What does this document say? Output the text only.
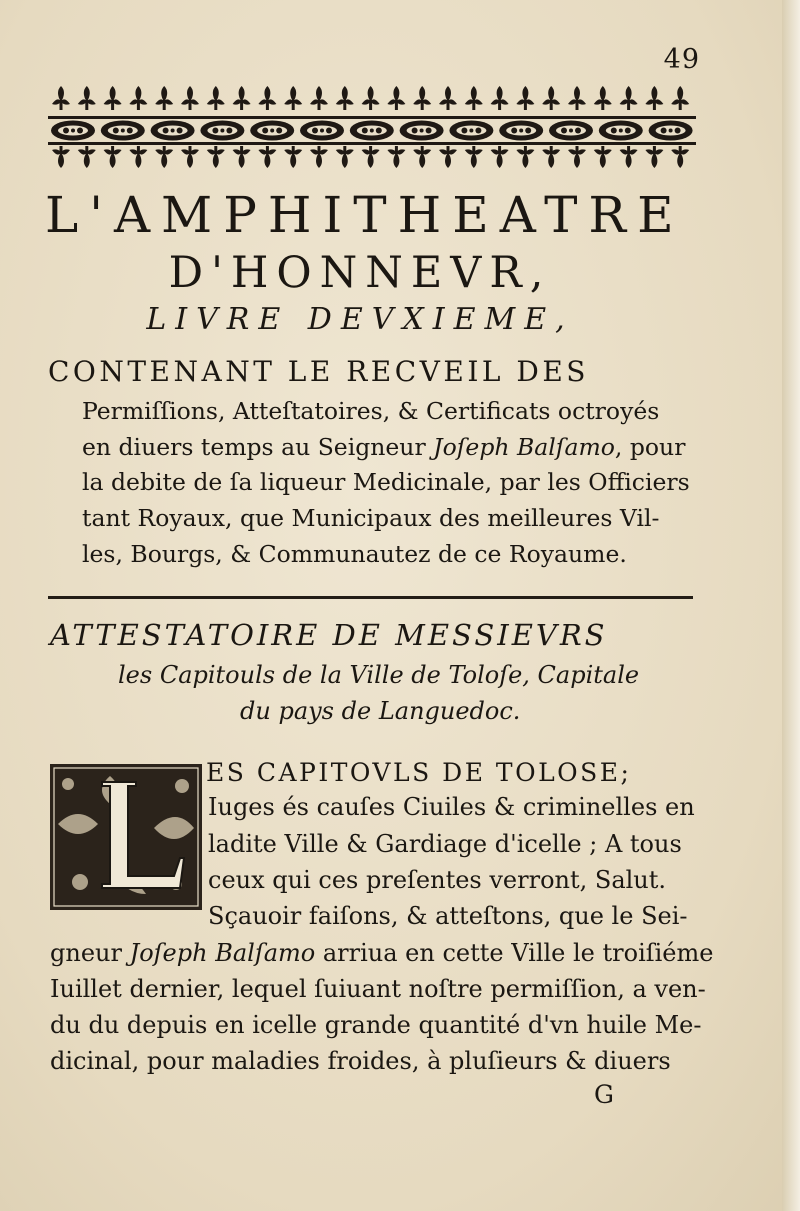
49
L'AMPHITHEATRE
D'HONNEVR,
LIVRE DEVXIEME,
CONTENANT LE RECVEIL DES
Permiſſions, Atteſtatoires, & Certificats octroyés
en diuers temps au Seigneur Joſeph Balſamo, pour
la debite de ſa liqueur Medicinale, par les Officiers
tant Royaux, que Municipaux des meilleures Vil-
les, Bourgs, & Communautez de ce Royaume.
ATTESTATOIRE DE MESSIEVRS
les Capitouls de la Ville de Toloſe, Capitale
du pays de Languedoc.
ES CAPITOVLS DE TOLOSE;
Iuges és cauſes Ciuiles & criminelles en
ladite Ville & Gardiage d'icelle ; A tous
ceux qui ces preſentes verront, Salut.
Sçauoir faiſons, & atteſtons, que le Sei-
gneur Joſeph Balſamo arriua en cette Ville le troiſiéme
Iuillet dernier, lequel ſuiuant noſtre permiſſion, a ven-
du du depuis en icelle grande quantité d'vn huile Me-
dicinal, pour maladies froides, à pluſieurs & diuers
G
